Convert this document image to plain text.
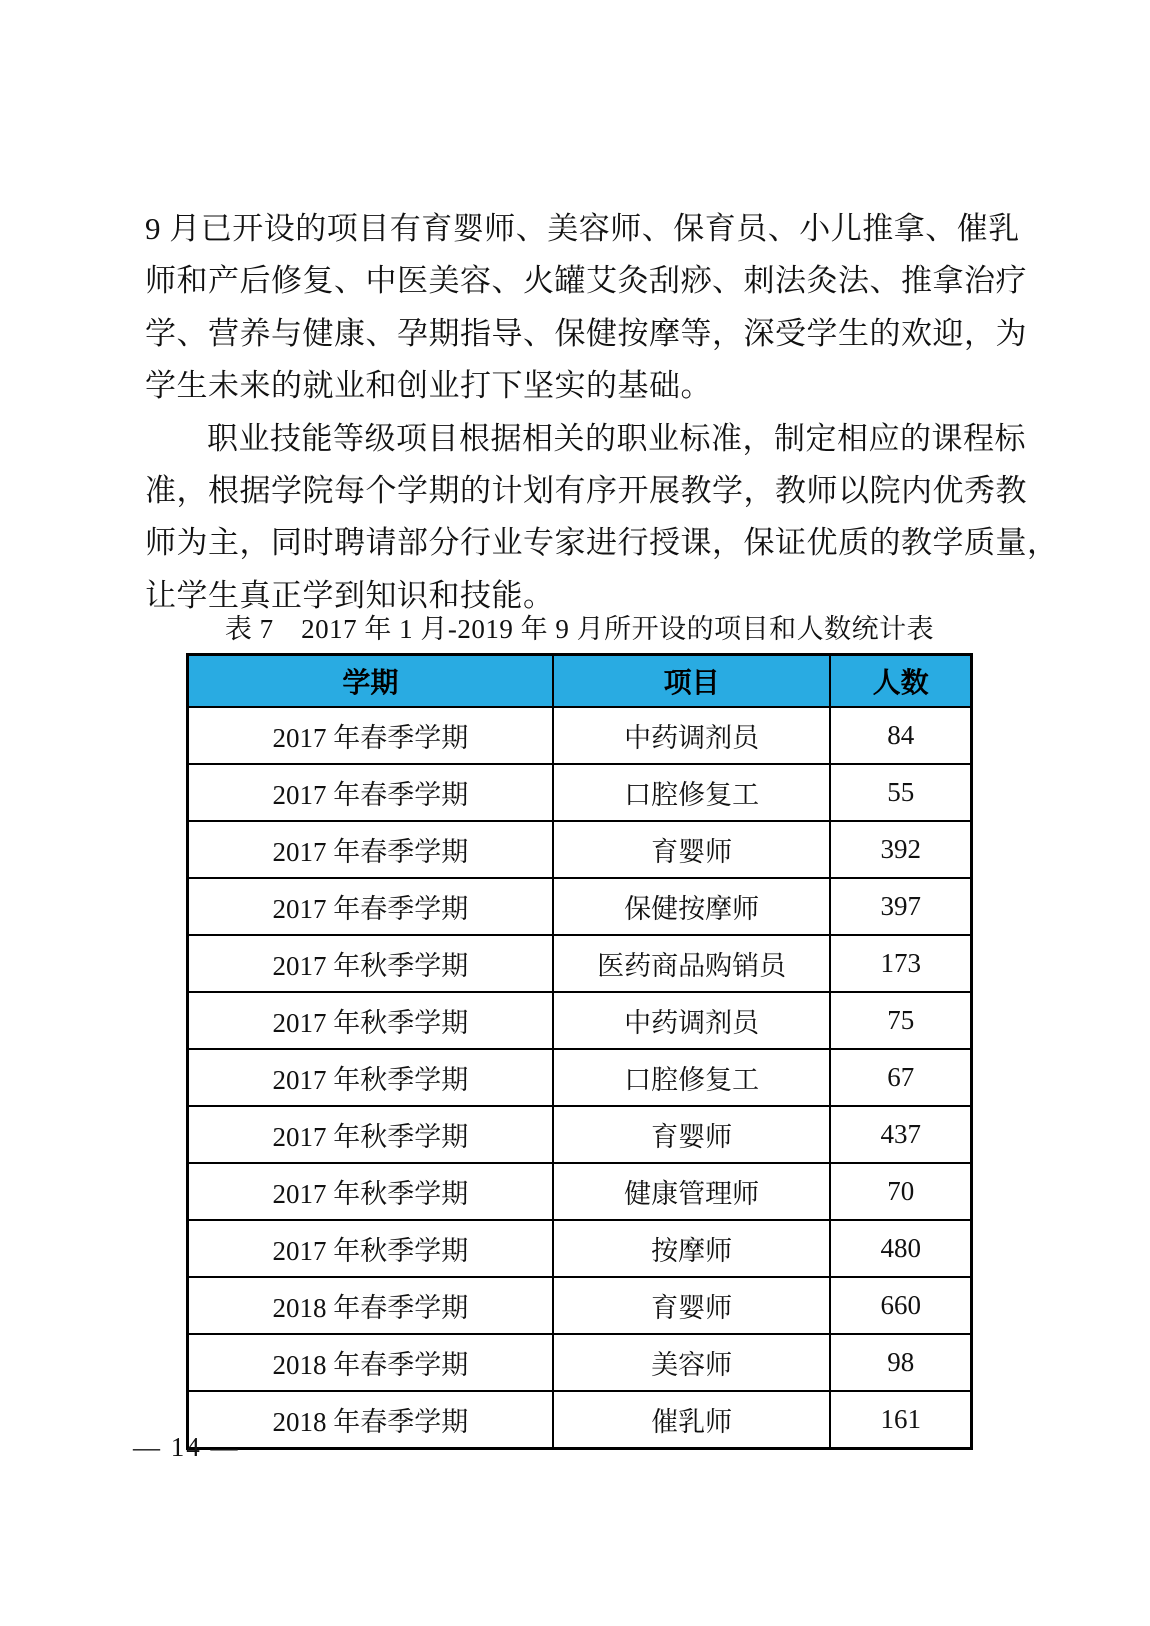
9 月已开设的项目有育婴师、美容师、保育员、小儿推拿、催乳
师和产后修复、中医美容、火罐艾灸刮痧、刺法灸法、推拿治疗
学、营养与健康、孕期指导、保健按摩等，深受学生的欢迎，为
学生未来的就业和创业打下坚实的基础。
职业技能等级项目根据相关的职业标准，制定相应的课程标
准，根据学院每个学期的计划有序开展教学，教师以院内优秀教
师为主，同时聘请部分行业专家进行授课，保证优质的教学质量，
让学生真正学到知识和技能。
表 7　2017 年 1 月-2019 年 9 月所开设的项目和人数统计表
学期	项目	人数
2017 年春季学期	中药调剂员	84
2017 年春季学期	口腔修复工	55
2017 年春季学期	育婴师	392
2017 年春季学期	保健按摩师	397
2017 年秋季学期	医药商品购销员	173
2017 年秋季学期	中药调剂员	75
2017 年秋季学期	口腔修复工	67
2017 年秋季学期	育婴师	437
2017 年秋季学期	健康管理师	70
2017 年秋季学期	按摩师	480
2018 年春季学期	育婴师	660
2018 年春季学期	美容师	98
2018 年春季学期	催乳师	161
— 14 —
